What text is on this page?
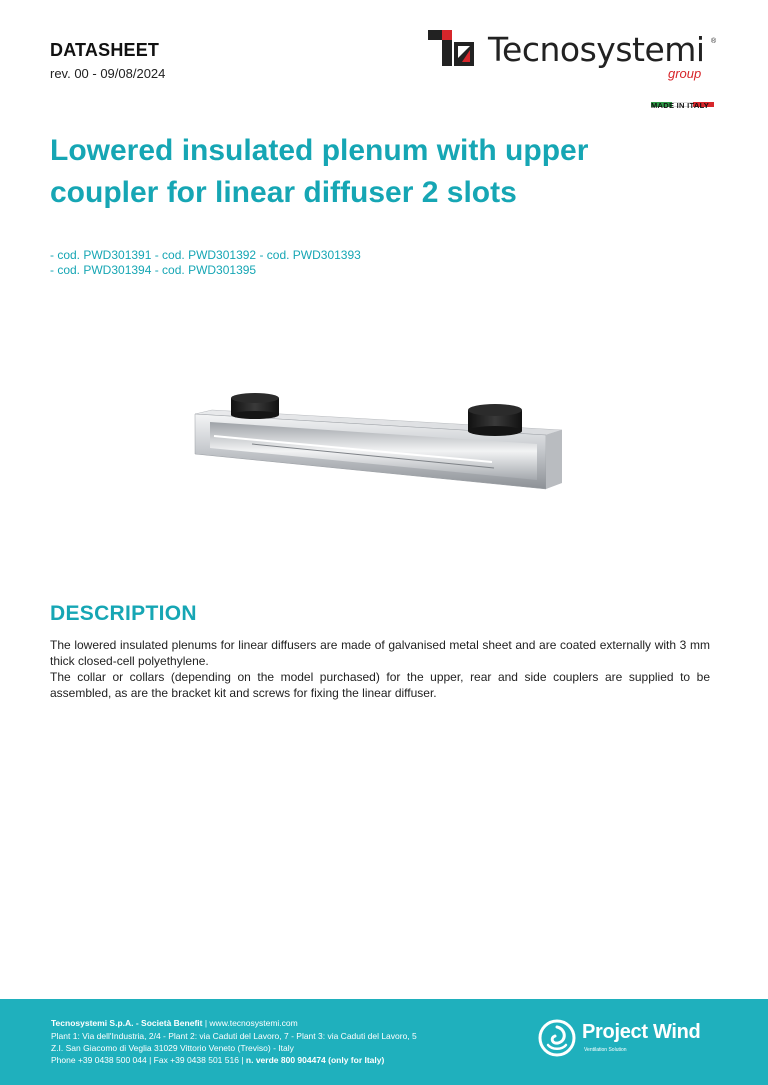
DATASHEET
rev. 00 - 09/08/2024
Tecnosystemi ®
group
MADE IN ITALY
Lowered insulated plenum with upper
coupler for linear diffuser 2 slots
- cod. PWD301391 - cod. PWD301392 - cod. PWD301393
- cod. PWD301394 - cod. PWD301395
DESCRIPTION

The lowered insulated plenums for linear diffusers are made of galvanised metal sheet and are coated externally with 3 mm thick closed-cell polyethylene.

The collar or collars (depending on the model purchased) for the upper, rear and side couplers are supplied to be assembled, as are the bracket kit and screws for fixing the linear diffuser.

Tecnosystemi S.p.A. - Società Benefit | www.tecnosystemi.com
Plant 1: Via dell'Industria, 2/4 - Plant 2: via Caduti del Lavoro, 7 - Plant 3: via Caduti del Lavoro, 5
Z.I. San Giacomo di Veglia 31029 Vittorio Veneto (Treviso) - Italy
Phone +39 0438 500 044 | Fax +39 0438 501 516 | n. verde 800 904474 (only for Italy)
Project Wind
Ventilation Solution
